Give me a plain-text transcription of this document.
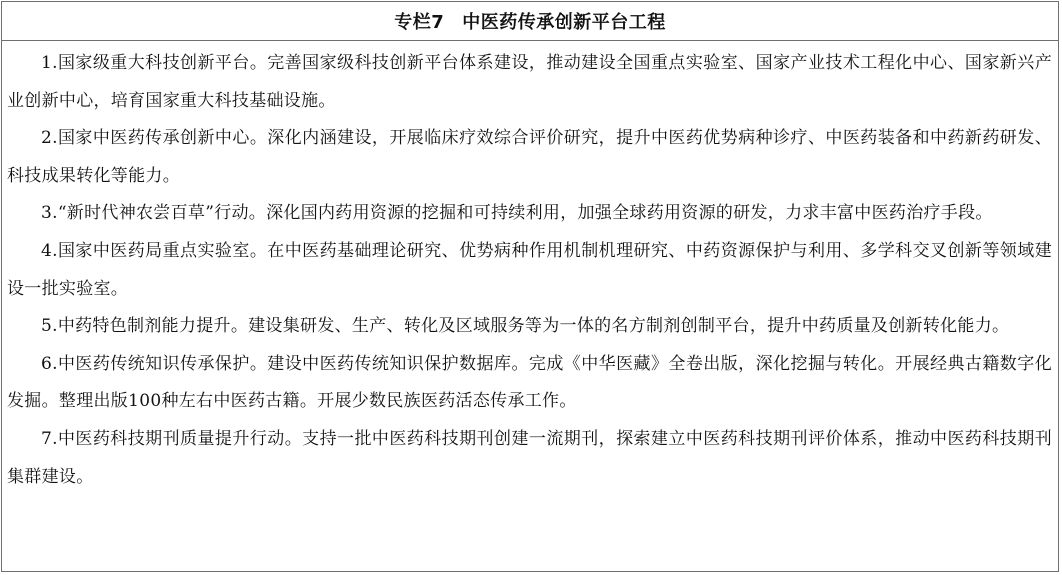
专栏7 中医药传承创新平台工程

1.国家级重大科技创新平台。完善国家级科技创新平台体系建设，推动建设全国重点实验室、国家产业技术工程化中心、国家新兴产业创新中心，培育国家重大科技基础设施。

2.国家中医药传承创新中心。深化内涵建设，开展临床疗效综合评价研究，提升中医药优势病种诊疗、中医药装备和中药新药研发、科技成果转化等能力。

3.“新时代神农尝百草”行动。深化国内药用资源的挖掘和可持续利用，加强全球药用资源的研发，力求丰富中医药治疗手段。

4.国家中医药局重点实验室。在中医药基础理论研究、优势病种作用机制机理研究、中药资源保护与利用、多学科交叉创新等领域建设一批实验室。

5.中药特色制剂能力提升。建设集研发、生产、转化及区域服务等为一体的名方制剂创制平台，提升中药质量及创新转化能力。

6.中医药传统知识传承保护。建设中医药传统知识保护数据库。完成《中华医藏》全卷出版，深化挖掘与转化。开展经典古籍数字化发掘。整理出版100种左右中医药古籍。开展少数民族医药活态传承工作。

7.中医药科技期刊质量提升行动。支持一批中医药科技期刊创建一流期刊，探索建立中医药科技期刊评价体系，推动中医药科技期刊集群建设。
